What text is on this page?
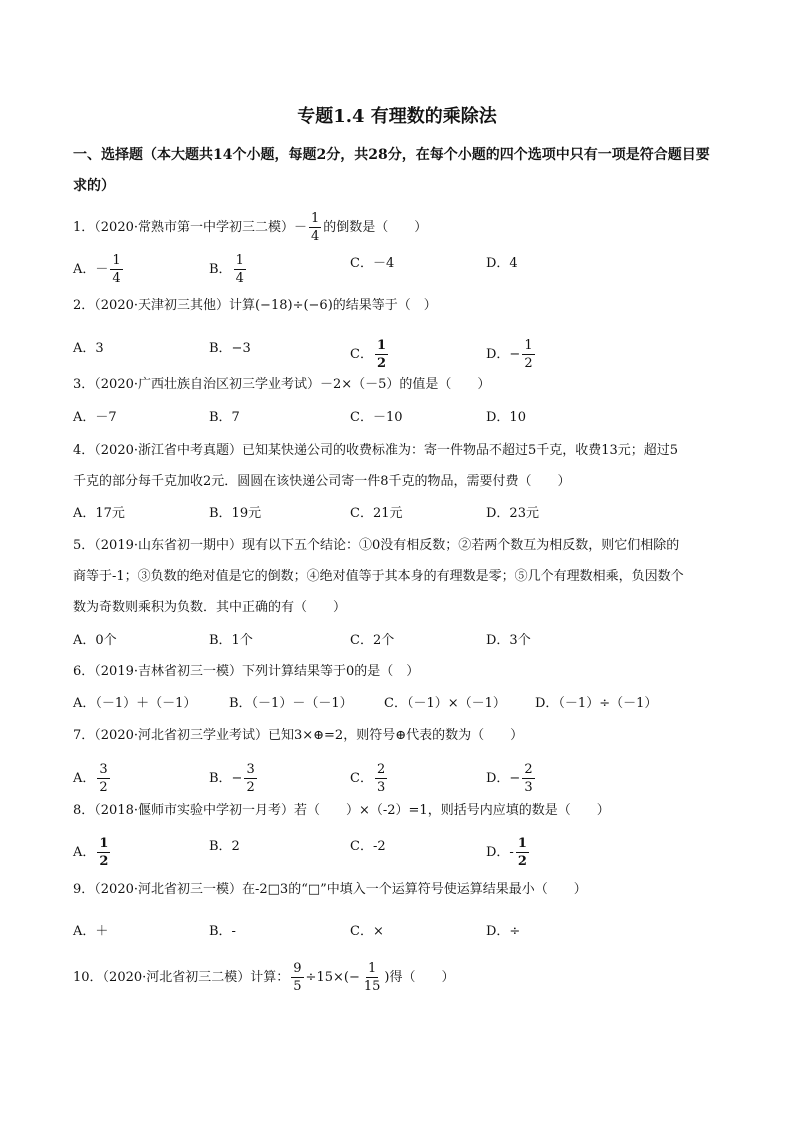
专题1.4 有理数的乘除法
一、选择题（本大题共14个小题，每题2分，共28分，在每个小题的四个选项中只有一项是符合题目要
求的）
1．（2020·常熟市第一中学初三二模）－ $\frac{1}{4}$ 的倒数是（　　）
A．－ $\frac{1}{4}$	B． $\frac{1}{4}$	C．－4	D．4
2．（2020·天津初三其他）计算(−18)÷(−6)的结果等于（　）
A．3	B．−3	C． $\frac{1}{2}$	D．− $\frac{1}{2}$
3．（2020·广西壮族自治区初三学业考试）－2×（－5）的值是（　　）
A．－7	B．7	C．－10	D．10
4．（2020·浙江省中考真题）已知某快递公司的收费标准为：寄一件物品不超过5千克，收费13元；超过5
千克的部分每千克加收2元．圆圆在该快递公司寄一件8千克的物品，需要付费（　　）
A．17元	B．19元	C．21元	D．23元
5．（2019·山东省初一期中）现有以下五个结论：①0没有相反数；②若两个数互为相反数，则它们相除的
商等于-1；③负数的绝对值是它的倒数；④绝对值等于其本身的有理数是零；⑤几个有理数相乘，负因数个
数为奇数则乘积为负数．其中正确的有（　　）
A．0个	B．1个	C．2个	D．3个
6．（2019·吉林省初三一模）下列计算结果等于0的是（　）
A．（－1）＋（－1）	B．（－1）－（－1） C．（－1）×（－1） D．（－1）÷（－1）
7．（2020·河北省初三学业考试）已知3×⊕=2，则符号⊕代表的数为（　　）
A． $\frac{3}{2}$	B．− $\frac{3}{2}$	C． $\frac{2}{3}$	D．− $\frac{2}{3}$
8．（2018·偃师市实验中学初一月考）若（　　）×（-2）=1，则括号内应填的数是（　　）
A． $\frac{1}{2}$	B．2	C．-2	D．- $\frac{1}{2}$
9．（2020·河北省初三一模）在-2□3的“□”中填入一个运算符号使运算结果最小（　　）
A．＋	B．-	C．×	D．÷
10．（2020·河北省初三二模）计算： $\frac{9}{5} \div 15\times(- \frac{1}{15}$ )得（　　）
